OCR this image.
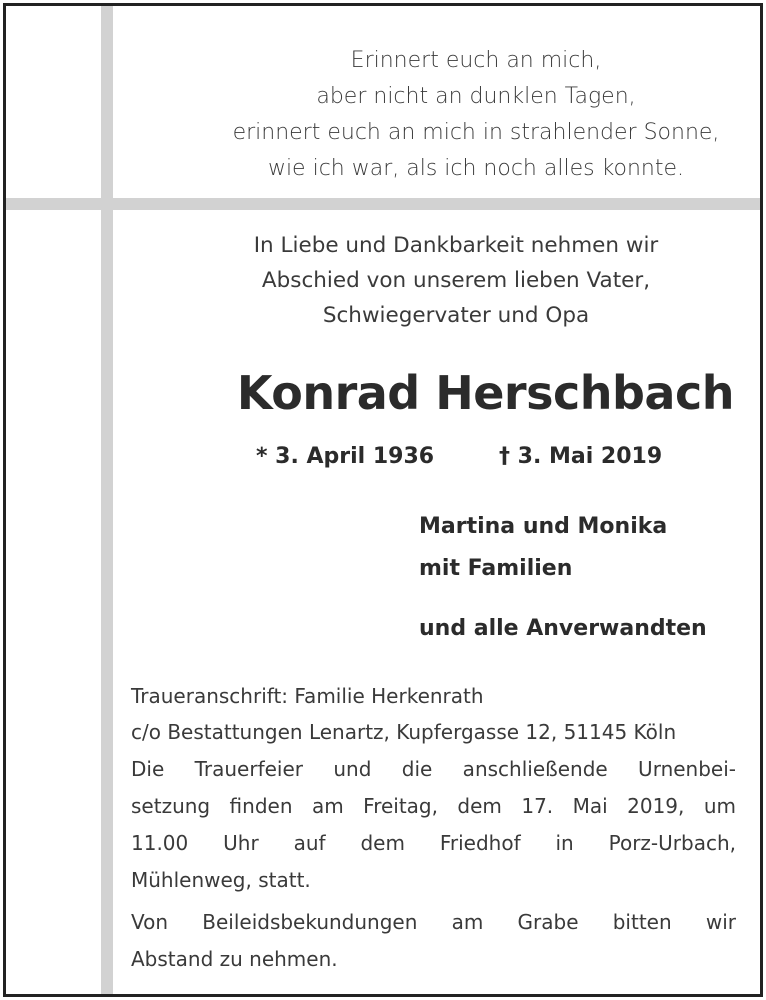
Erinnert euch an mich,
aber nicht an dunklen Tagen,
erinnert euch an mich in strahlender Sonne,
wie ich war, als ich noch alles konnte.
In Liebe und Dankbarkeit nehmen wir
Abschied von unserem lieben Vater,
Schwiegervater und Opa
Konrad Herschbach
* 3. April 1936	† 3. Mai 2019
Martina und Monika
mit Familien
und alle Anverwandten
Traueranschrift: Familie Herkenrath
c/o Bestattungen Lenartz, Kupfergasse 12, 51145 Köln
Die Trauerfeier und die anschließende Urnenbei-
setzung finden am Freitag, dem 17. Mai 2019, um
11.00 Uhr auf dem Friedhof in Porz-Urbach,
Mühlenweg, statt.
Von Beileidsbekundungen am Grabe bitten wir
Abstand zu nehmen.
